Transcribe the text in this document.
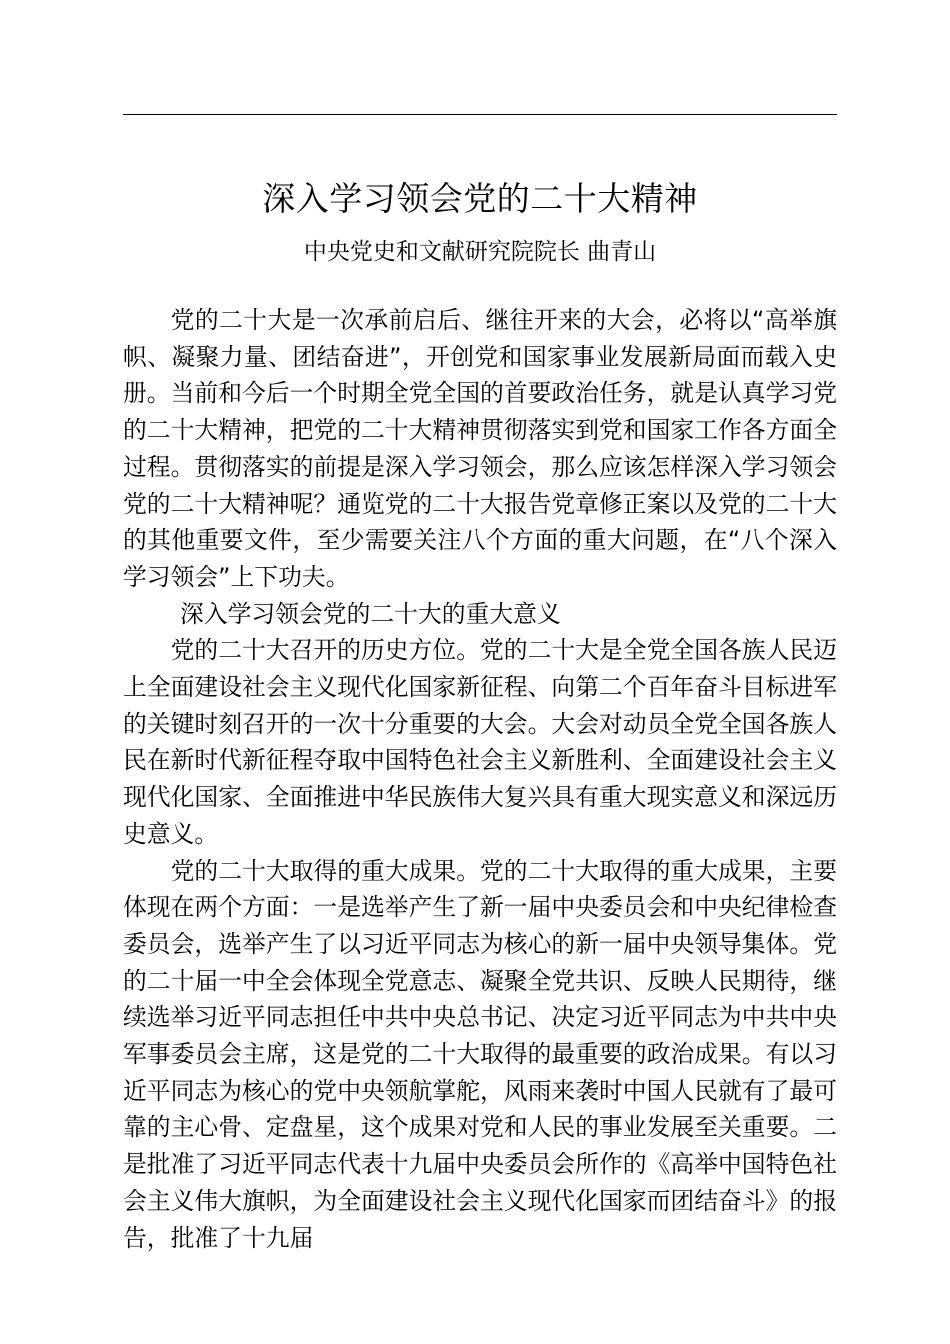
深入学习领会党的二十大精神
中央党史和文献研究院院长 曲青山

党的二十大是一次承前启后、继往开来的大会，必将以“高举旗帜、凝聚力量、团结奋进”，开创党和国家事业发展新局面而载入史册。当前和今后一个时期全党全国的首要政治任务，就是认真学习党的二十大精神，把党的二十大精神贯彻落实到党和国家工作各方面全过程。贯彻落实的前提是深入学习领会，那么应该怎样深入学习领会党的二十大精神呢？通览党的二十大报告党章修正案以及党的二十大的其他重要文件，至少需要关注八个方面的重大问题，在“八个深入学习领会”上下功夫。

深入学习领会党的二十大的重大意义

党的二十大召开的历史方位。党的二十大是全党全国各族人民迈上全面建设社会主义现代化国家新征程、向第二个百年奋斗目标进军的关键时刻召开的一次十分重要的大会。大会对动员全党全国各族人民在新时代新征程夺取中国特色社会主义新胜利、全面建设社会主义现代化国家、全面推进中华民族伟大复兴具有重大现实意义和深远历史意义。

党的二十大取得的重大成果。党的二十大取得的重大成果，主要体现在两个方面：一是选举产生了新一届中央委员会和中央纪律检查委员会，选举产生了以习近平同志为核心的新一届中央领导集体。党的二十届一中全会体现全党意志、凝聚全党共识、反映人民期待，继续选举习近平同志担任中共中央总书记、决定习近平同志为中共中央军事委员会主席，这是党的二十大取得的最重要的政治成果。有以习近平同志为核心的党中央领航掌舵，风雨来袭时中国人民就有了最可靠的主心骨、定盘星，这个成果对党和人民的事业发展至关重要。二是批准了习近平同志代表十九届中央委员会所作的《高举中国特色社会主义伟大旗帜，为全面建设社会主义现代化国家而团结奋斗》的报告，批准了十九届
